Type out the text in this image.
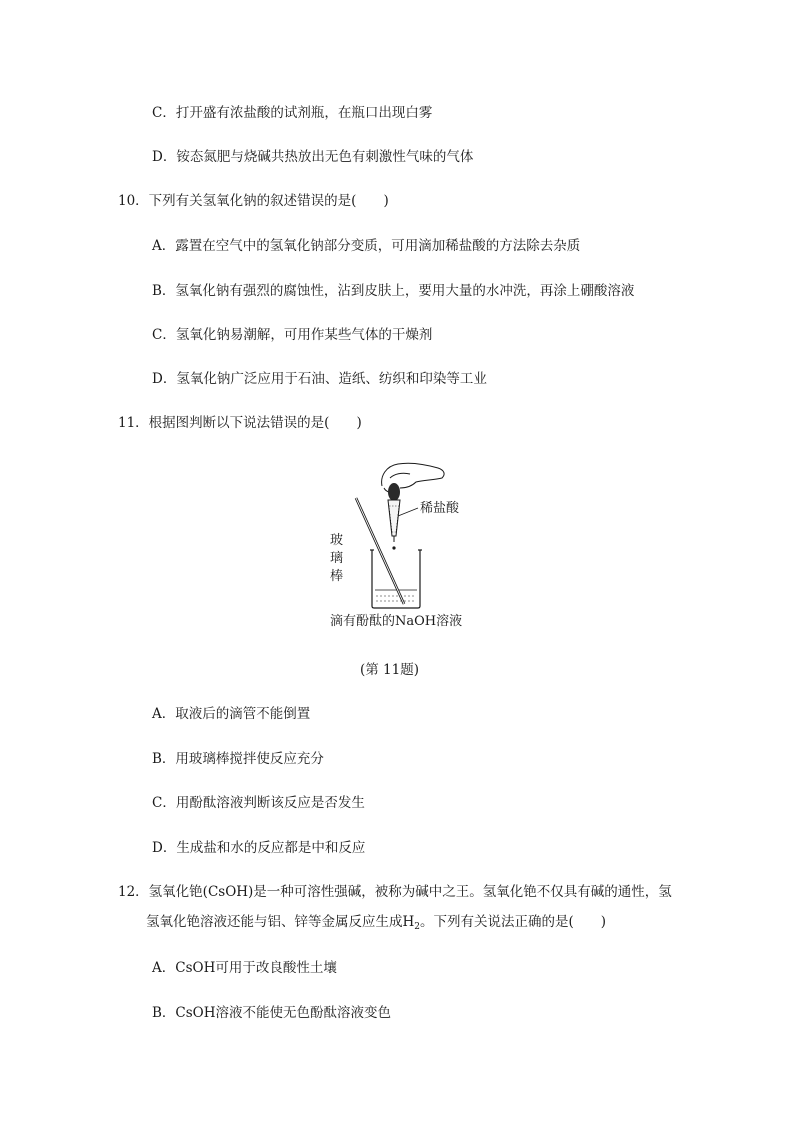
C．打开盛有浓盐酸的试剂瓶，在瓶口出现白雾
D．铵态氮肥与烧碱共热放出无色有刺激性气味的气体
10．下列有关氢氧化钠的叙述错误的是(　　)
A．露置在空气中的氢氧化钠部分变质，可用滴加稀盐酸的方法除去杂质
B．氢氧化钠有强烈的腐蚀性，沾到皮肤上，要用大量的水冲洗，再涂上硼酸溶液
C．氢氧化钠易潮解，可用作某些气体的干燥剂
D．氢氧化钠广泛应用于石油、造纸、纺织和印染等工业
11．根据图判断以下说法错误的是(　　)
稀盐酸
玻
璃
棒
滴有酚酞的NaOH溶液
(第 11题)
A．取液后的滴管不能倒置
B．用玻璃棒搅拌使反应充分
C．用酚酞溶液判断该反应是否发生
D．生成盐和水的反应都是中和反应
12．氢氧化铯(CsOH)是一种可溶性强碱，被称为碱中之王。氢氧化铯不仅具有碱的通性，氢
氢氧化铯溶液还能与铝、锌等金属反应生成$H_2$。下列有关说法正确的是(　　)
A．CsOH可用于改良酸性土壤
B．CsOH溶液不能使无色酚酞溶液变色
